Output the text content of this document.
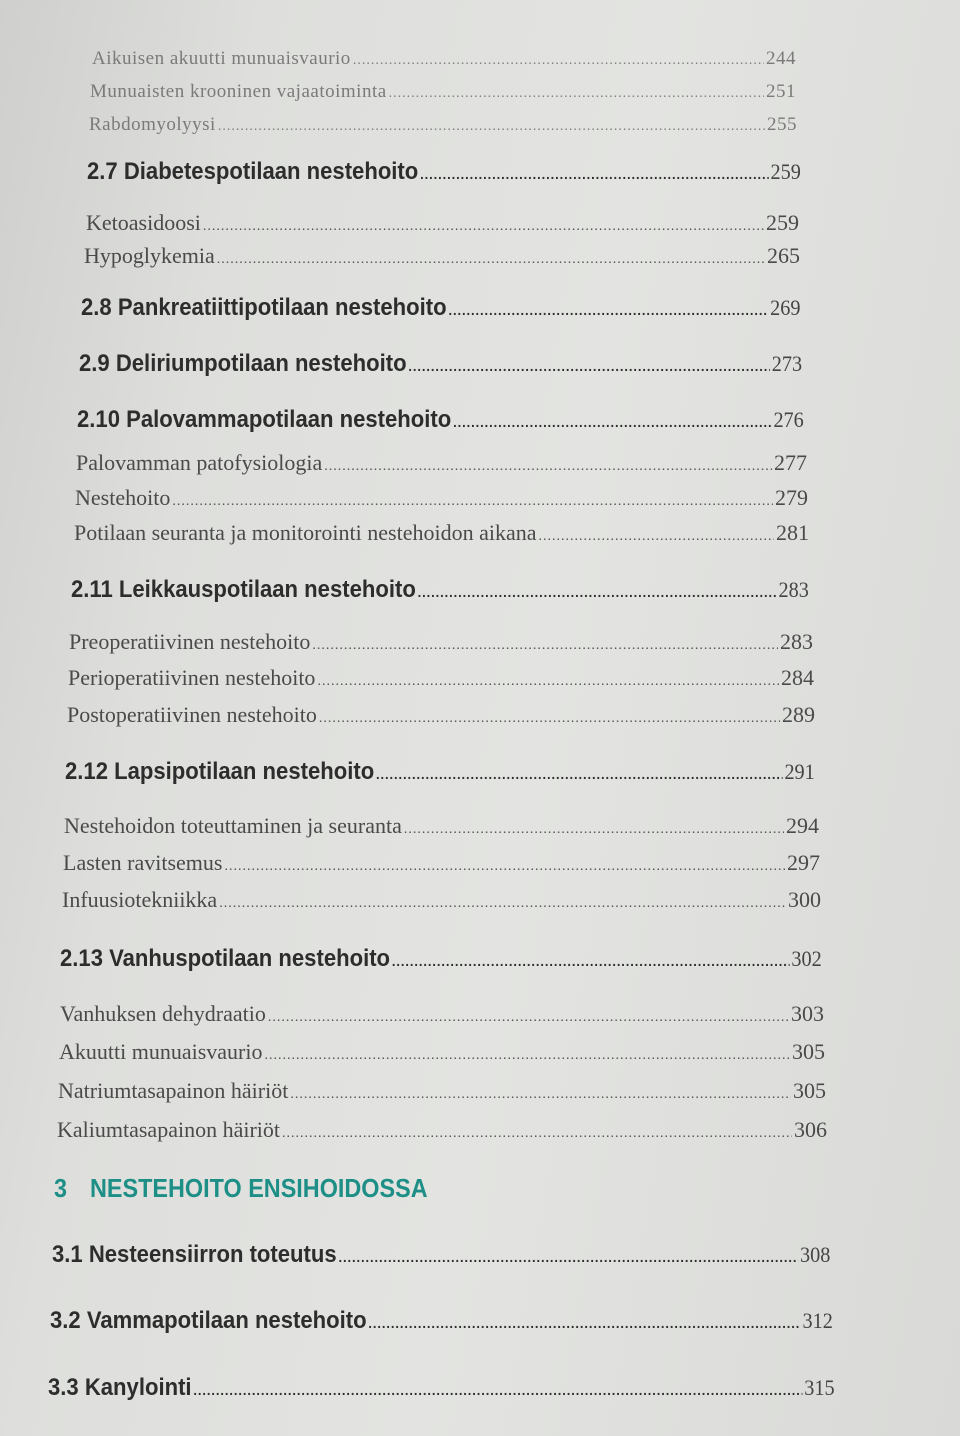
Aikuisen akuutti munuaisvaurio .....	244
Munuaisten krooninen vajaatoiminta .....	251
Rabdomyolyysi .....	255
2.7 Diabetespotilaan nestehoito .....	259
Ketoasidoosi .....	259
Hypoglykemia .....	265
2.8 Pankreatiittipotilaan nestehoito .....	269
2.9 Deliriumpotilaan nestehoito .....	273
2.10 Palovammapotilaan nestehoito .....	276
Palovamman patofysiologia .....	277
Nestehoito .....	279
Potilaan seuranta ja monitorointi nestehoidon aikana .....	281
2.11 Leikkauspotilaan nestehoito .....	283
Preoperatiivinen nestehoito .....	283
Perioperatiivinen nestehoito .....	284
Postoperatiivinen nestehoito .....	289
2.12 Lapsipotilaan nestehoito .....	291
Nestehoidon toteuttaminen ja seuranta .....	294
Lasten ravitsemus .....	297
Infuusiotekniikka .....	300
2.13 Vanhuspotilaan nestehoito .....	302
Vanhuksen dehydraatio .....	303
Akuutti munuaisvaurio .....	305
Natriumtasapainon häiriöt .....	305
Kaliumtasapainon häiriöt .....	306
3 NESTEHOITO ENSIHOIDOSSA
3.1 Nesteensiirron toteutus .....	308
3.2 Vammapotilaan nestehoito .....	312
3.3 Kanylointi .....	315
